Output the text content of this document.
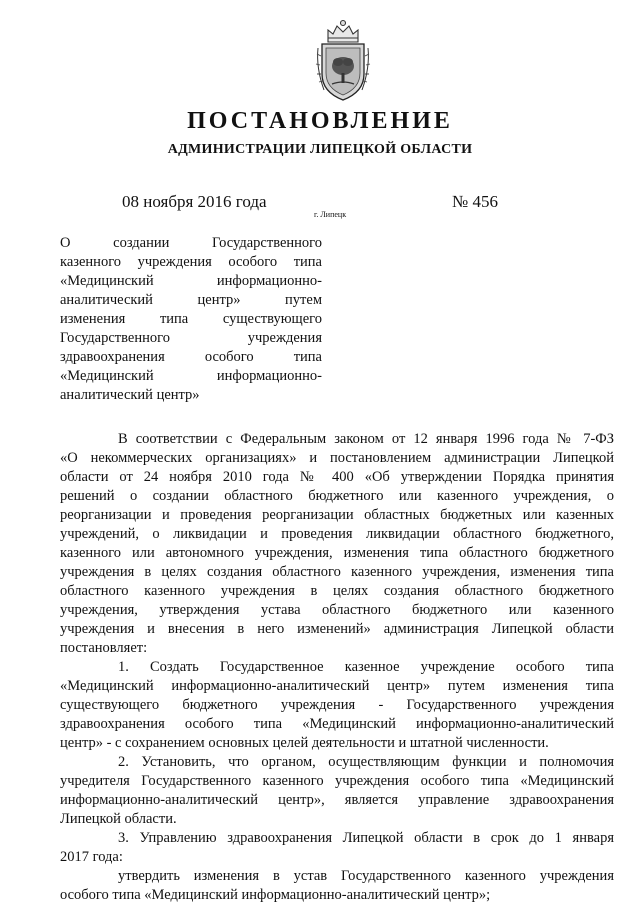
ПОСТАНОВЛЕНИЕ
АДМИНИСТРАЦИИ ЛИПЕЦКОЙ ОБЛАСТИ
08 ноября 2016 года
г. Липецк
№ 456
О создании Государственного
казенного учреждения особого типа
«Медицинский информационно-
аналитический центр» путем
изменения типа существующего
Государственного учреждения
здравоохранения особого типа
«Медицинский информационно-
аналитический центр»
В соответствии с Федеральным законом от 12 января 1996 года № 7-ФЗ
«О некоммерческих организациях» и постановлением администрации Липецкой
области от 24 ноября 2010 года № 400 «Об утверждении Порядка принятия
решений о создании областного бюджетного или казенного учреждения, о
реорганизации и проведения реорганизации областных бюджетных или казенных
учреждений, о ликвидации и проведения ликвидации областного бюджетного,
казенного или автономного учреждения, изменения типа областного бюджетного
учреждения в целях создания областного казенного учреждения, изменения типа
областного казенного учреждения в целях создания областного бюджетного
учреждения, утверждения устава областного бюджетного или казенного
учреждения и внесения в него изменений» администрация Липецкой области
постановляет:
1. Создать Государственное казенное учреждение особого типа
«Медицинский информационно-аналитический центр» путем изменения типа
существующего бюджетного учреждения - Государственного учреждения
здравоохранения особого типа «Медицинский информационно-аналитический
центр» - с сохранением основных целей деятельности и штатной численности.
2. Установить, что органом, осуществляющим функции и полномочия
учредителя Государственного казенного учреждения особого типа «Медицинский
информационно-аналитический центр», является управление здравоохранения
Липецкой области.
3. Управлению здравоохранения Липецкой области в срок до 1 января
2017 года:
утвердить изменения в устав Государственного казенного учреждения
особого типа «Медицинский информационно-аналитический центр»;
